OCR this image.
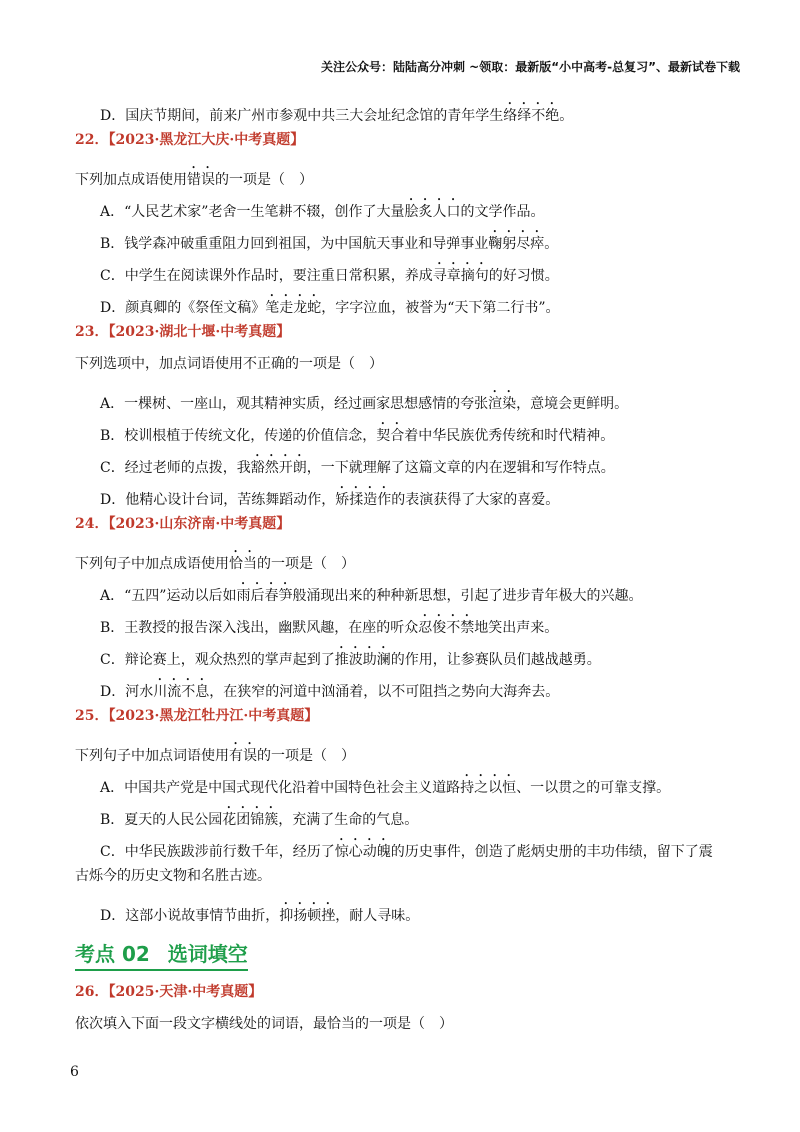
关注公众号：陆陆高分冲刺 ~领取：最新版“小中高考-总复习”、最新试卷下载
D．国庆节期间，前来广州市参观中共三大会址纪念馆的青年学生络绎不绝。
22．【2023·黑龙江大庆·中考真题】
下列加点成语使用错误的一项是（　）
A．“人民艺术家”老舍一生笔耕不辍，创作了大量脍炙人口的文学作品。
B．钱学森冲破重重阻力回到祖国，为中国航天事业和导弹事业鞠躬尽瘁。
C．中学生在阅读课外作品时，要注重日常积累，养成寻章摘句的好习惯。
D．颜真卿的《祭侄文稿》笔走龙蛇，字字泣血，被誉为“天下第二行书”。
23．【2023·湖北十堰·中考真题】
下列选项中，加点词语使用不正确的一项是（　）
A．一棵树、一座山，观其精神实质，经过画家思想感情的夸张渲染，意境会更鲜明。
B．校训根植于传统文化，传递的价值信念，契合着中华民族优秀传统和时代精神。
C．经过老师的点拨，我豁然开朗，一下就理解了这篇文章的内在逻辑和写作特点。
D．他精心设计台词，苦练舞蹈动作，矫揉造作的表演获得了大家的喜爱。
24．【2023·山东济南·中考真题】
下列句子中加点成语使用恰当的一项是（　）
A．“五四”运动以后如雨后春笋般涌现出来的种种新思想，引起了进步青年极大的兴趣。
B．王教授的报告深入浅出，幽默风趣，在座的听众忍俊不禁地笑出声来。
C．辩论赛上，观众热烈的掌声起到了推波助澜的作用，让参赛队员们越战越勇。
D．河水川流不息，在狭窄的河道中汹涌着，以不可阻挡之势向大海奔去。
25．【2023·黑龙江牡丹江·中考真题】
下列句子中加点词语使用有误的一项是（　）
A．中国共产党是中国式现代化沿着中国特色社会主义道路持之以恒、一以贯之的可靠支撑。
B．夏天的人民公园花团锦簇，充满了生命的气息。
C．中华民族跋涉前行数千年，经历了惊心动魄的历史事件，创造了彪炳史册的丰功伟绩，留下了震
古烁今的历史文物和名胜古迹。
D．这部小说故事情节曲折，抑扬顿挫，耐人寻味。
考点 02 选词填空
26．【2025·天津·中考真题】
依次填入下面一段文字横线处的词语，最恰当的一项是（　）
6
